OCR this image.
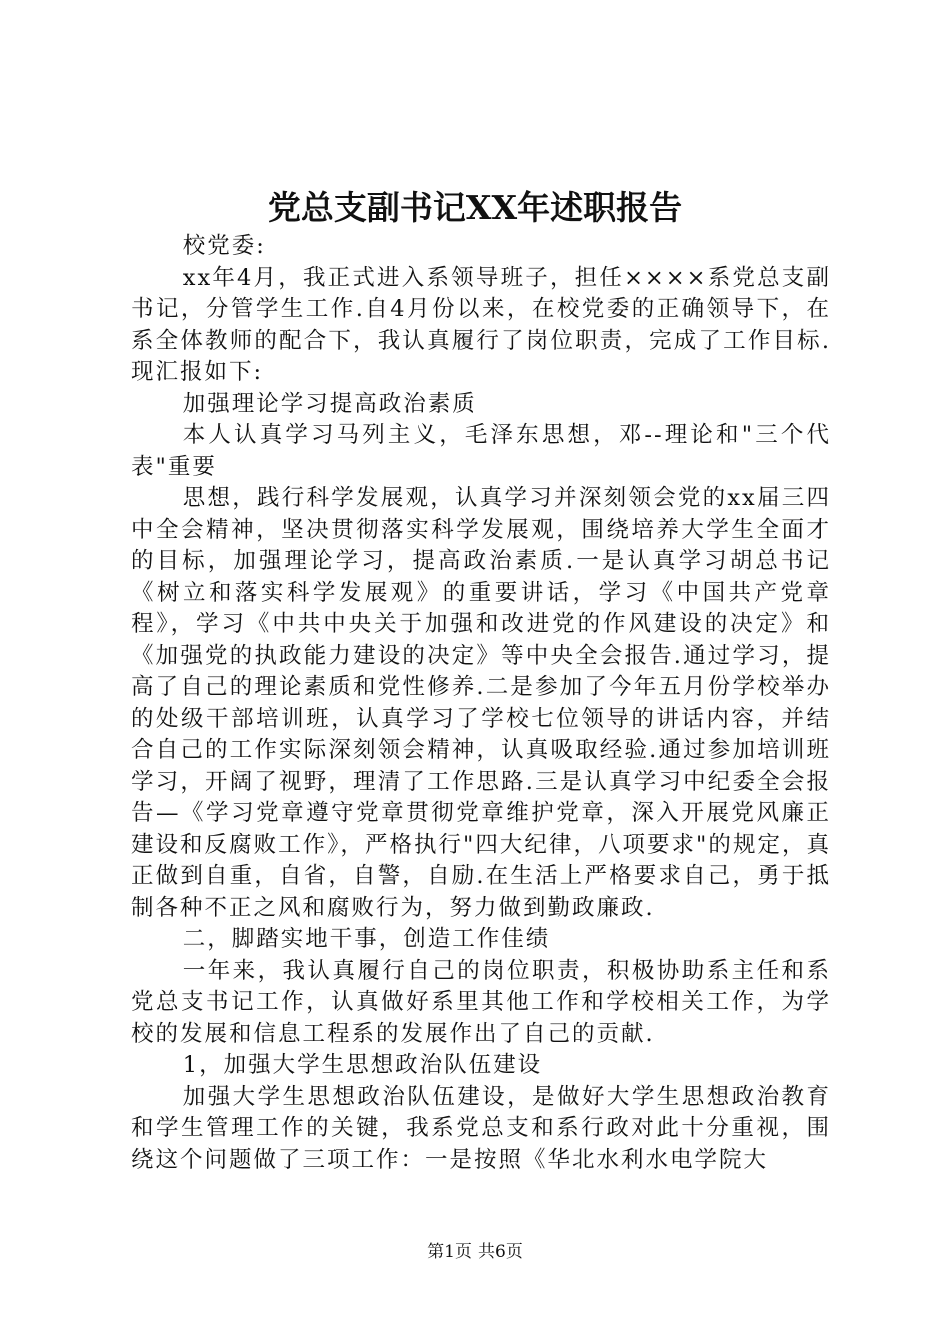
党总支副书记XX年述职报告

校党委:

xx年4月，我正式进入系领导班子，担任××××系党总支副书记，分管学生工作.自4月份以来，在校党委的正确领导下，在系全体教师的配合下，我认真履行了岗位职责，完成了工作目标.现汇报如下:

加强理论学习提高政治素质

本人认真学习马列主义，毛泽东思想，邓--理论和"三个代表"重要

思想，践行科学发展观，认真学习并深刻领会党的xx届三四中全会精神，坚决贯彻落实科学发展观，围绕培养大学生全面才的目标，加强理论学习，提高政治素质.一是认真学习胡总书记《树立和落实科学发展观》的重要讲话，学习《中国共产党章程》，学习《中共中央关于加强和改进党的作风建设的决定》和《加强党的执政能力建设的决定》等中央全会报告.通过学习，提高了自己的理论素质和党性修养.二是参加了今年五月份学校举办的处级干部培训班，认真学习了学校七位领导的讲话内容，并结合自己的工作实际深刻领会精神，认真吸取经验.通过参加培训班学习，开阔了视野，理清了工作思路.三是认真学习中纪委全会报告—《学习党章遵守党章贯彻党章维护党章，深入开展党风廉正建设和反腐败工作》，严格执行"四大纪律，八项要求"的规定，真正做到自重，自省，自警，自励.在生活上严格要求自己，勇于抵制各种不正之风和腐败行为，努力做到勤政廉政.

二，脚踏实地干事，创造工作佳绩

一年来，我认真履行自己的岗位职责，积极协助系主任和系党总支书记工作，认真做好系里其他工作和学校相关工作，为学校的发展和信息工程系的发展作出了自己的贡献.

1，加强大学生思想政治队伍建设

加强大学生思想政治队伍建设，是做好大学生思想政治教育和学生管理工作的关键，我系党总支和系行政对此十分重视，围绕这个问题做了三项工作：一是按照《华北水利水电学院大

第1页 共6页
